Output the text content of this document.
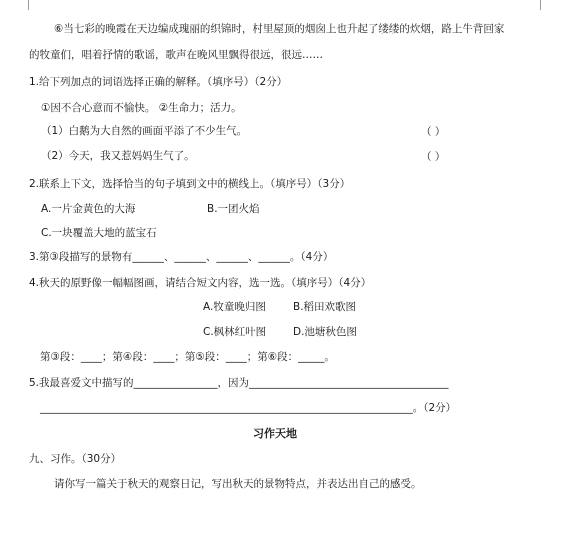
⑥当七彩的晚霞在天边编成瑰丽的织锦时，村里屋顶的烟囱上也升起了缕缕的炊烟，路上牛背回家
的牧童们，唱着抒情的歌谣，歌声在晚风里飘得很远，很远……
1.给下列加点的词语选择正确的解释。（填序号）（2分）
①因不合心意而不愉快。 ②生命力；活力。
（1）白鹅为大自然的画面平添了不少生气。	（ ）
（2）今天，我又惹妈妈生气了。	（ ）
2.联系上下文，选择恰当的句子填到文中的横线上。（填序号）（3分）
A.一片金黄色的大海	B.一团火焰
C.一块覆盖大地的蓝宝石
3.第③段描写的景物有______、______、______、______。（4分）
4.秋天的原野像一幅幅图画，请结合短文内容，选一选。（填序号）（4分）
A.牧童晚归图	B.稻田欢歌图
C.枫林红叶图	D.池塘秋色图
第③段：____；第④段：____；第⑤段：____；第⑥段：_____。
5.我最喜爱文中描写的________________，因为______________________________________
_______________________________________________________________________。（2分）
习作天地
九、习作。（30分）
请你写一篇关于秋天的观察日记，写出秋天的景物特点，并表达出自己的感受。
